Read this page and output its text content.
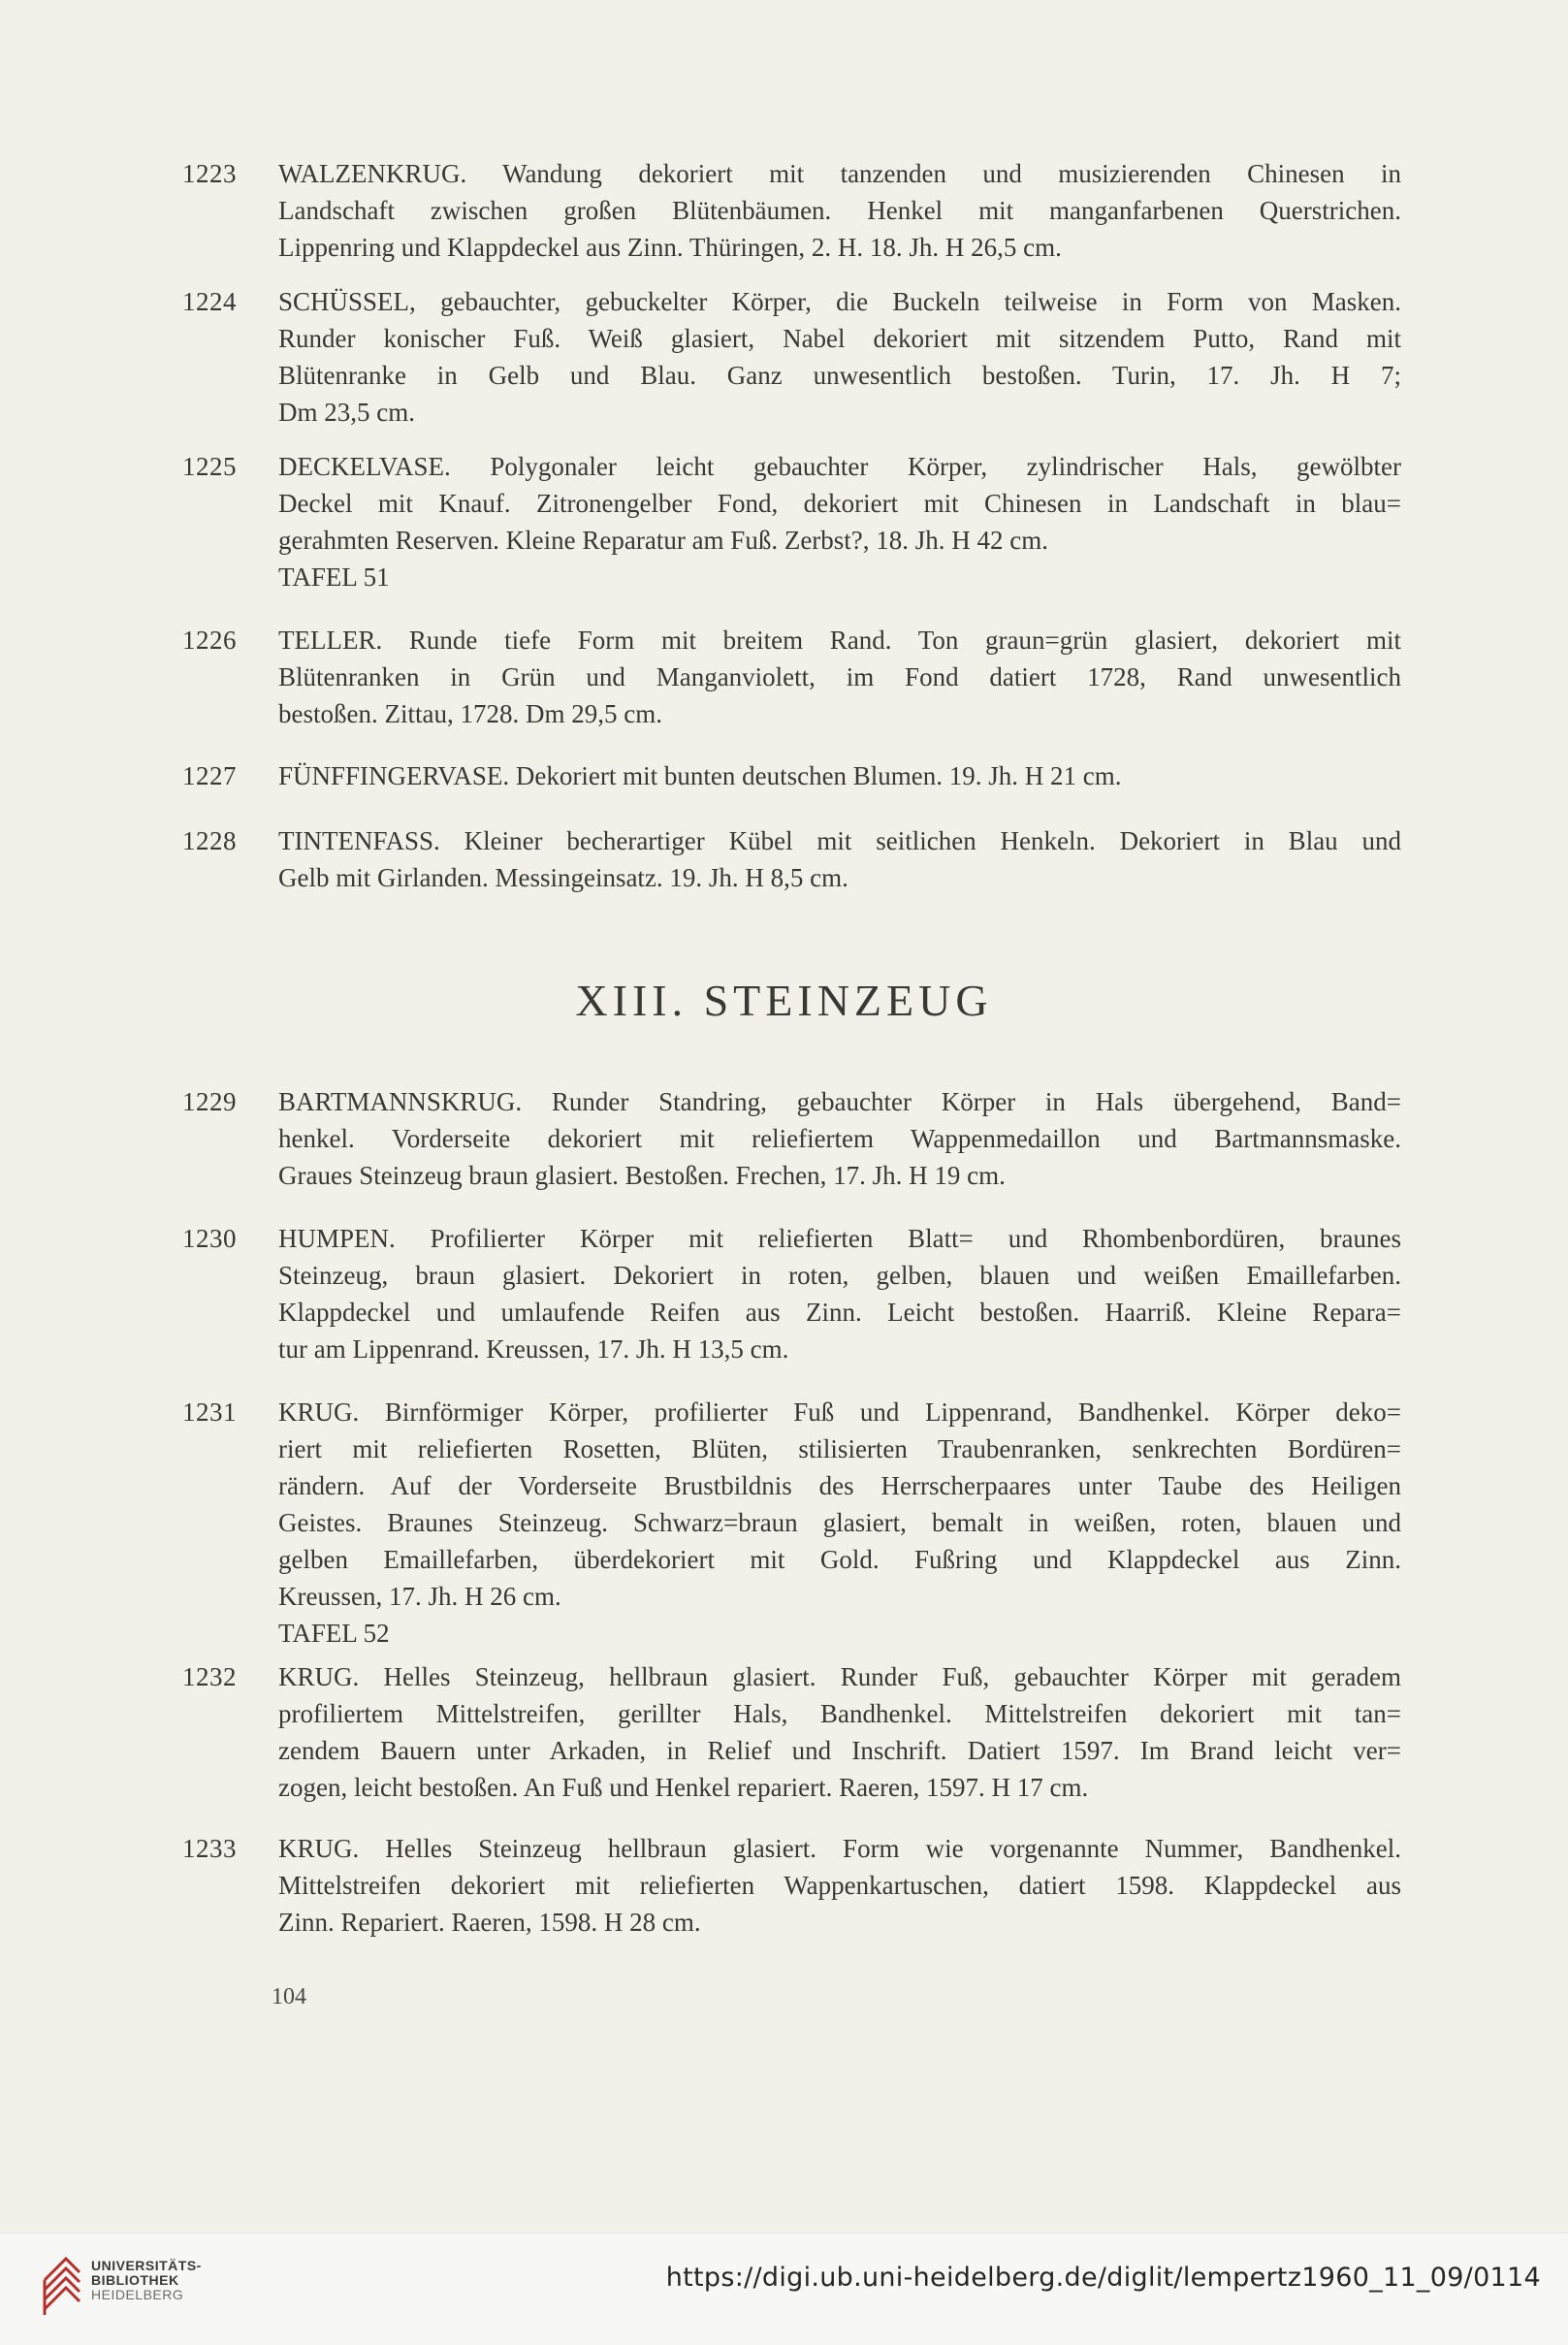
1223 WALZENKRUG. Wandung dekoriert mit tanzenden und musizierenden Chinesen in
Landschaft zwischen großen Blütenbäumen. Henkel mit manganfarbenen Querstrichen.
Lippenring und Klappdeckel aus Zinn. Thüringen, 2. H. 18. Jh. H 26,5 cm.
1224 SCHÜSSEL, gebauchter, gebuckelter Körper, die Buckeln teilweise in Form von Masken.
Runder konischer Fuß. Weiß glasiert, Nabel dekoriert mit sitzendem Putto, Rand mit
Blütenranke in Gelb und Blau. Ganz unwesentlich bestoßen. Turin, 17. Jh. H 7;
Dm 23,5 cm.
1225 DECKELVASE. Polygonaler leicht gebauchter Körper, zylindrischer Hals, gewölbter
Deckel mit Knauf. Zitronengelber Fond, dekoriert mit Chinesen in Landschaft in blau=
gerahmten Reserven. Kleine Reparatur am Fuß. Zerbst?, 18. Jh. H 42 cm.
TAFEL 51
1226 TELLER. Runde tiefe Form mit breitem Rand. Ton graun=grün glasiert, dekoriert mit
Blütenranken in Grün und Manganviolett, im Fond datiert 1728, Rand unwesentlich
bestoßen. Zittau, 1728. Dm 29,5 cm.
1227 FÜNFFINGERVASE. Dekoriert mit bunten deutschen Blumen. 19. Jh. H 21 cm.
1228 TINTENFASS. Kleiner becherartiger Kübel mit seitlichen Henkeln. Dekoriert in Blau und
Gelb mit Girlanden. Messingeinsatz. 19. Jh. H 8,5 cm.
XIII. STEINZEUG
1229 BARTMANNSKRUG. Runder Standring, gebauchter Körper in Hals übergehend, Band=
henkel. Vorderseite dekoriert mit reliefiertem Wappenmedaillon und Bartmannsmaske.
Graues Steinzeug braun glasiert. Bestoßen. Frechen, 17. Jh. H 19 cm.
1230 HUMPEN. Profilierter Körper mit reliefierten Blatt= und Rhombenbordüren, braunes
Steinzeug, braun glasiert. Dekoriert in roten, gelben, blauen und weißen Emaillefarben.
Klappdeckel und umlaufende Reifen aus Zinn. Leicht bestoßen. Haarriß. Kleine Repara=
tur am Lippenrand. Kreussen, 17. Jh. H 13,5 cm.
1231 KRUG. Birnförmiger Körper, profilierter Fuß und Lippenrand, Bandhenkel. Körper deko=
riert mit reliefierten Rosetten, Blüten, stilisierten Traubenranken, senkrechten Bordüren=
rändern. Auf der Vorderseite Brustbildnis des Herrscherpaares unter Taube des Heiligen
Geistes. Braunes Steinzeug. Schwarz=braun glasiert, bemalt in weißen, roten, blauen und
gelben Emaillefarben, überdekoriert mit Gold. Fußring und Klappdeckel aus Zinn.
Kreussen, 17. Jh. H 26 cm.
TAFEL 52
1232 KRUG. Helles Steinzeug, hellbraun glasiert. Runder Fuß, gebauchter Körper mit geradem
profiliertem Mittelstreifen, gerillter Hals, Bandhenkel. Mittelstreifen dekoriert mit tan=
zendem Bauern unter Arkaden, in Relief und Inschrift. Datiert 1597. Im Brand leicht ver=
zogen, leicht bestoßen. An Fuß und Henkel repariert. Raeren, 1597. H 17 cm.
1233 KRUG. Helles Steinzeug hellbraun glasiert. Form wie vorgenannte Nummer, Bandhenkel.
Mittelstreifen dekoriert mit reliefierten Wappenkartuschen, datiert 1598. Klappdeckel aus
Zinn. Repariert. Raeren, 1598. H 28 cm.
104
UNIVERSITÄTS-
BIBLIOTHEK
HEIDELBERG
https://digi.ub.uni-heidelberg.de/diglit/lempertz1960_11_09/0114
